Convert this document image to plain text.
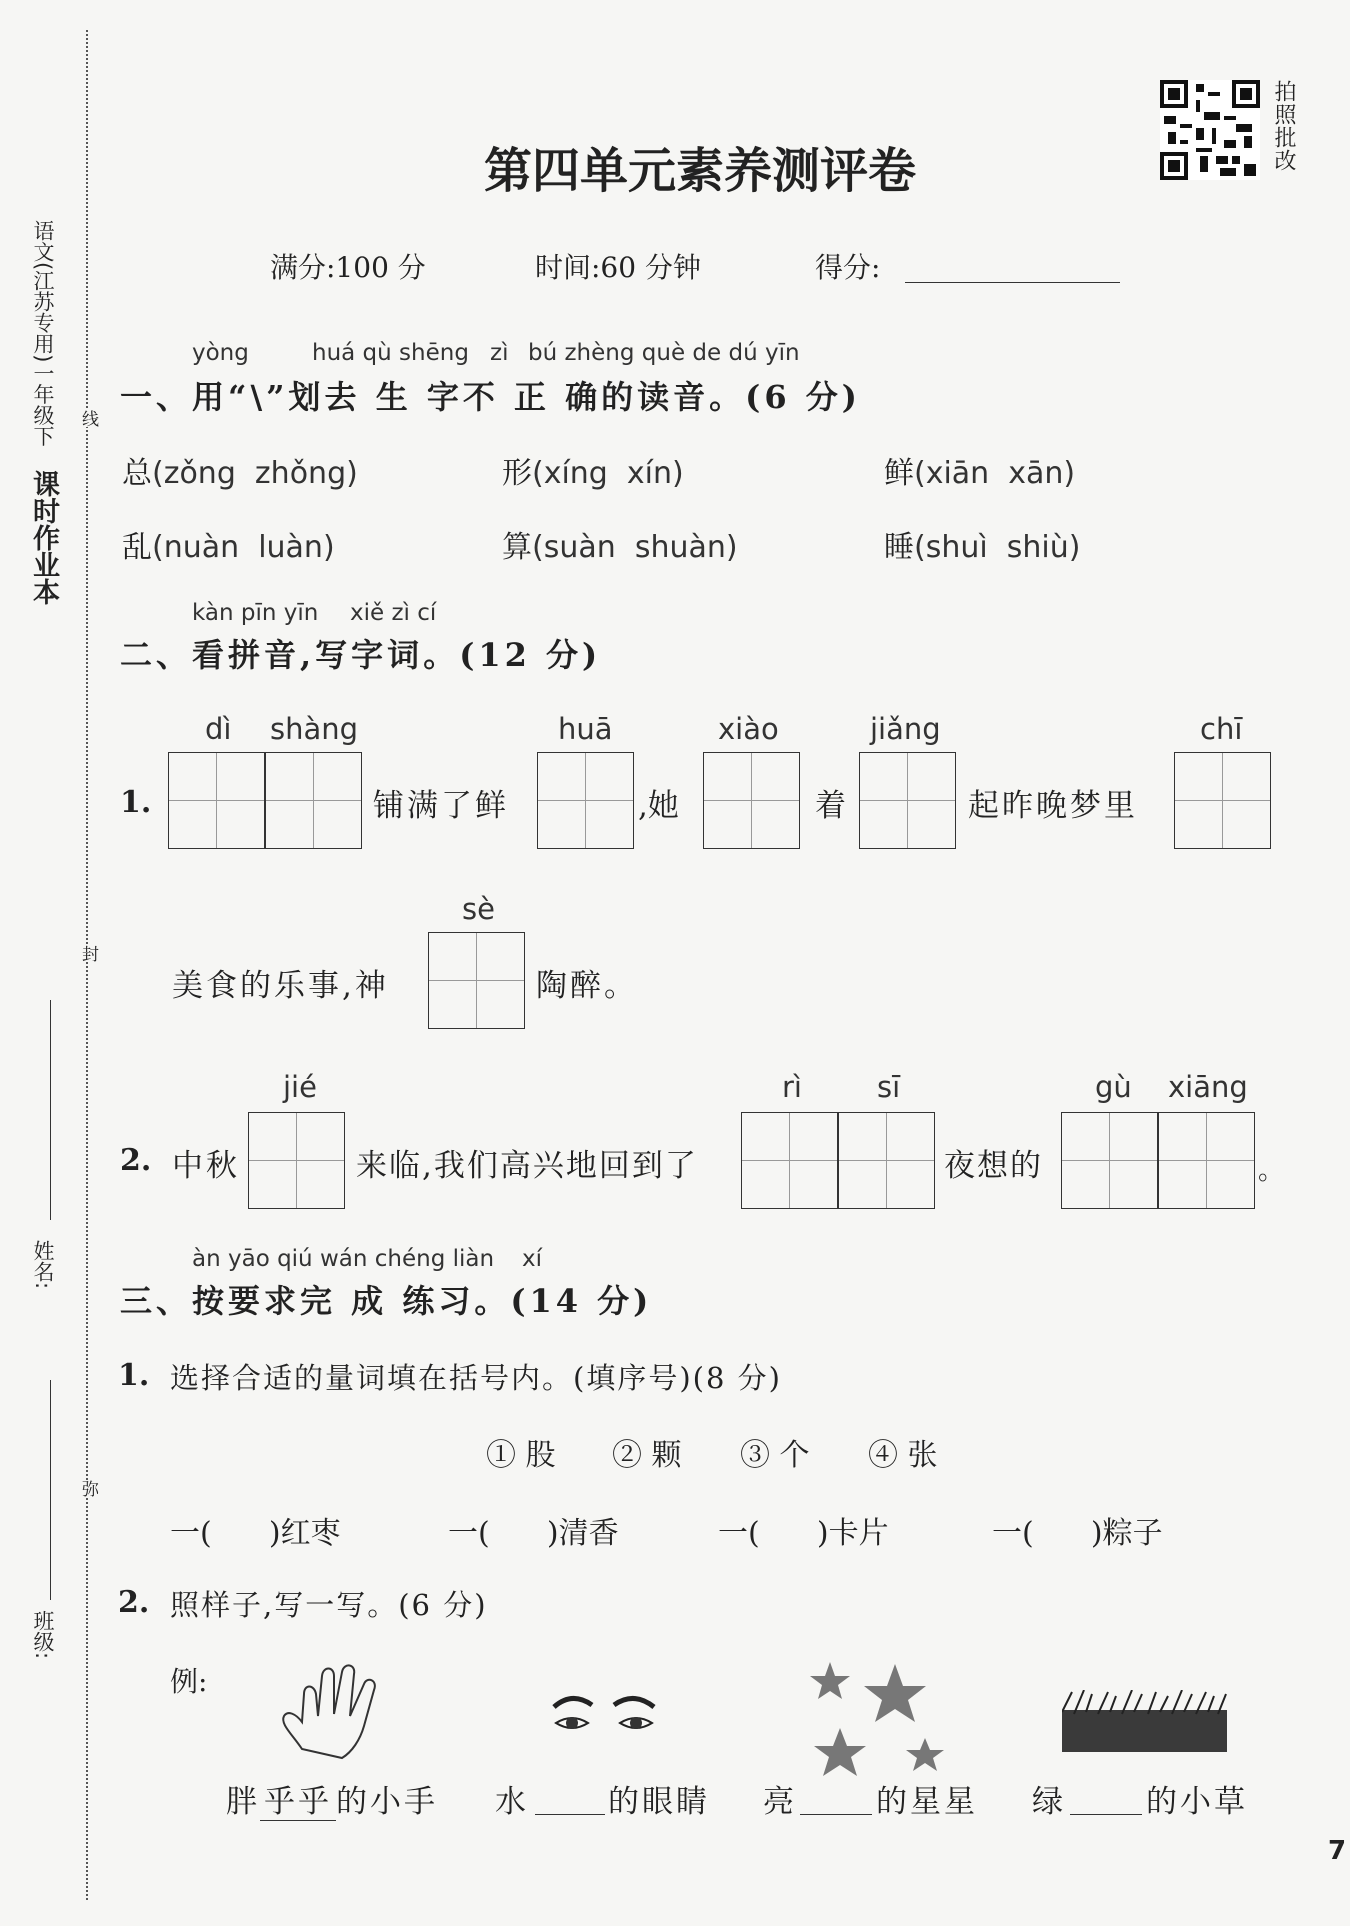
课时作业本
语文(江苏专用)一年级下 线
封
弥
姓名:
班级:
第四单元素养测评卷	拍照批改
满分:100 分	时间:60 分钟	得分:
yòng	huá qù shēng zì bú zhèng què de dú yīn
一、用“\”划去 生 字不 正 确的读音。(6 分)
总(zǒng  zhǒng)	形(xíng  xín)	鲜(xiān  xān)
乱(nuàn  luàn)	算(suàn  shuàn)	睡(shuì  shiù)
kàn pīn yīn xiě zì cí
二、看拼音,写字词。(12 分)
dì shàng	huā	xiào	jiǎng	chī
1.	铺满了鲜	,她	着	起昨晚梦里
sè
美食的乐事,神	陶醉。
jié	rì	sī	gù xiāng
2. 中秋	来临,我们高兴地回到了	夜想的	。
àn yāo qiú wán chéng liàn xí
三、按要求完 成 练习。(14 分)
1. 选择合适的量词填在括号内。(填序号)(8 分)
① 股 ② 颗 ③ 个 ④ 张
一(      )红枣	一(      )清香	一(      )卡片	一(      )粽子
2. 照样子,写一写。(6 分)
例:
胖 乎乎 的小手 水	的眼睛 亮	的星星 绿	的小草
7
